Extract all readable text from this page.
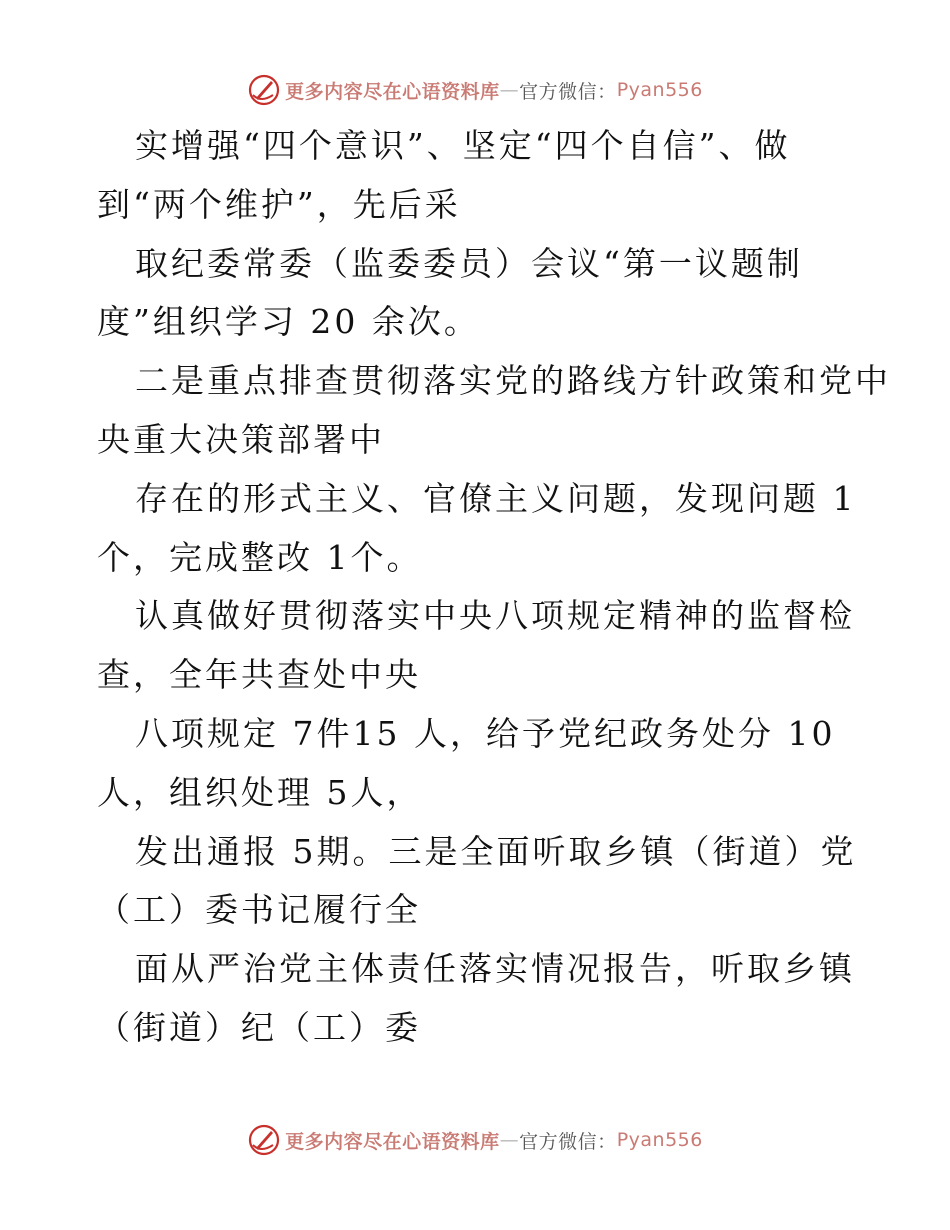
更多内容尽在心语资料库 — 官方微信： Pyan556

实增强“四个意识”、坚定“四个自信”、做

到“两个维护”，先后采

取纪委常委（监委委员）会议“第一议题制

度”组织学习 20 余次。

二是重点排查贯彻落实党的路线方针政策和党中

央重大决策部署中

存在的形式主义、官僚主义问题，发现问题 1

个，完成整改 1个。

认真做好贯彻落实中央八项规定精神的监督检

查，全年共查处中央

八项规定 7件15 人，给予党纪政务处分 10

人，组织处理 5人，

发出通报 5期。三是全面听取乡镇（街道）党

（工）委书记履行全

面从严治党主体责任落实情况报告，听取乡镇

（街道）纪（工）委

更多内容尽在心语资料库 — 官方微信： Pyan556
